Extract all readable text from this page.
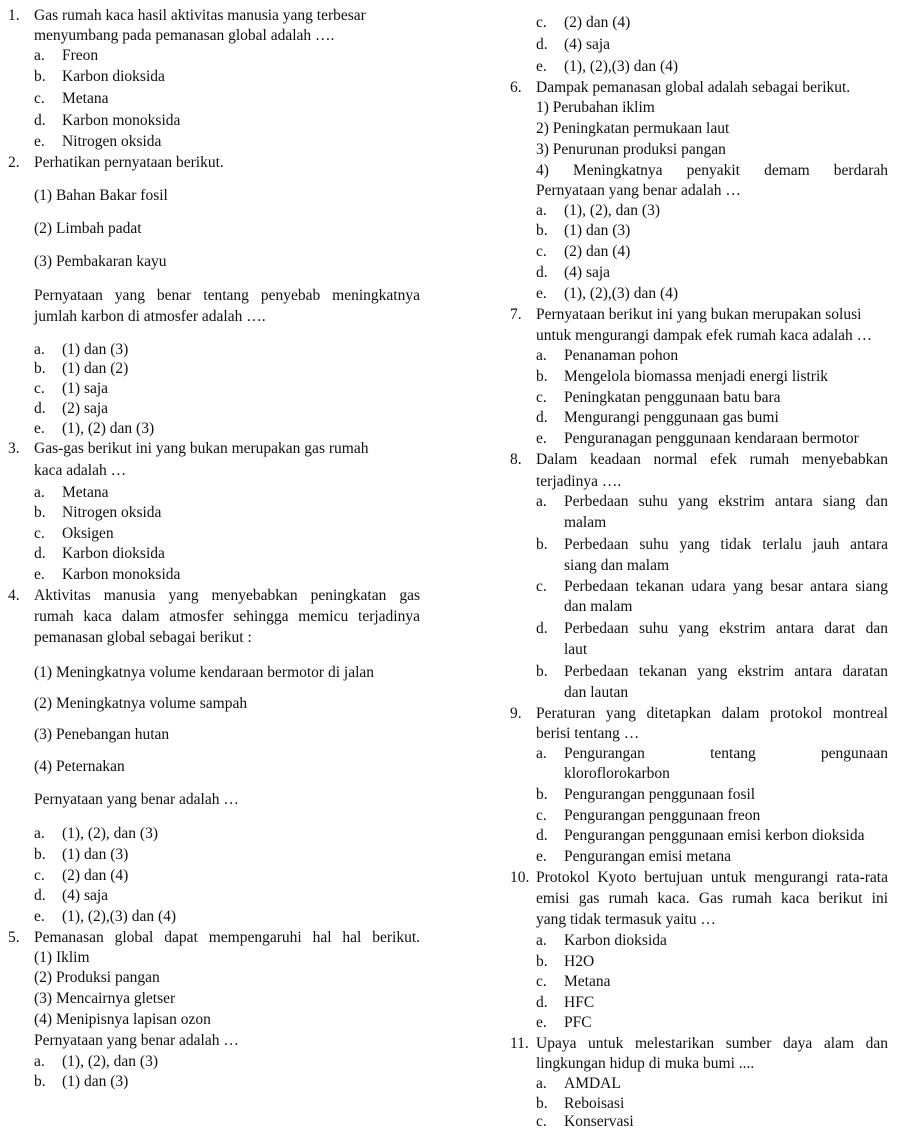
1. Gas rumah kaca hasil aktivitas manusia yang terbesar
menyumbang pada pemanasan global adalah ….
a. Freon
b. Karbon dioksida
c. Metana
d. Karbon monoksida
e. Nitrogen oksida
2. Perhatikan pernyataan berikut.
(1) Bahan Bakar fosil
(2) Limbah padat
(3) Pembakaran kayu
Pernyataan yang benar tentang penyebab meningkatnya
jumlah karbon di atmosfer adalah ….
a. (1) dan (3)
b. (1) dan (2)
c. (1) saja
d. (2) saja
e. (1), (2) dan (3)
3. Gas-gas berikut ini yang bukan merupakan gas rumah
kaca adalah …
a. Metana
b. Nitrogen oksida
c. Oksigen
d. Karbon dioksida
e. Karbon monoksida
4. Aktivitas manusia yang menyebabkan peningkatan gas
rumah kaca dalam atmosfer sehingga memicu terjadinya
pemanasan global sebagai berikut :
(1) Meningkatnya volume kendaraan bermotor di jalan
(2) Meningkatnya volume sampah
(3) Penebangan hutan
(4) Peternakan
Pernyataan yang benar adalah …
a. (1), (2), dan (3)
b. (1) dan (3)
c. (2) dan (4)
d. (4) saja
e. (1), (2),(3) dan (4)
5. Pemanasan global dapat mempengaruhi hal hal berikut.
(1) Iklim
(2) Produksi pangan
(3) Mencairnya gletser
(4) Menipisnya lapisan ozon
Pernyataan yang benar adalah …
a. (1), (2), dan (3)
b. (1) dan (3)
c. (2) dan (4)
d. (4) saja
e. (1), (2),(3) dan (4)
6. Dampak pemanasan global adalah sebagai berikut.
1) Perubahan iklim
2) Peningkatan permukaan laut
3) Penurunan produksi pangan
4) Meningkatnya penyakit demam berdarah
Pernyataan yang benar adalah …
a. (1), (2), dan (3)
b. (1) dan (3)
c. (2) dan (4)
d. (4) saja
e. (1), (2),(3) dan (4)
7. Pernyataan berikut ini yang bukan merupakan solusi
untuk mengurangi dampak efek rumah kaca adalah …
a. Penanaman pohon
b. Mengelola biomassa menjadi energi listrik
c. Peningkatan penggunaan batu bara
d. Mengurangi penggunaan gas bumi
e. Penguranagan penggunaan kendaraan bermotor
8. Dalam keadaan normal efek rumah menyebabkan
terjadinya ….
a. Perbedaan suhu yang ekstrim antara siang dan
malam
b. Perbedaan suhu yang tidak terlalu jauh antara
siang dan malam
c. Perbedaan tekanan udara yang besar antara siang
dan malam
d. Perbedaan suhu yang ekstrim antara darat dan
laut
b. Perbedaan tekanan yang ekstrim antara daratan
dan lautan
9. Peraturan yang ditetapkan dalam protokol montreal
berisi tentang …
a. Pengurangan tentang pengunaan
kloroflorokarbon
b. Pengurangan penggunaan fosil
c. Pengurangan penggunaan freon
d. Pengurangan penggunaan emisi kerbon dioksida
e. Pengurangan emisi metana
10. Protokol Kyoto bertujuan untuk mengurangi rata-rata
emisi gas rumah kaca. Gas rumah kaca berikut ini
yang tidak termasuk yaitu …
a. Karbon dioksida
b. H2O
c. Metana
d. HFC
e. PFC
11. Upaya untuk melestarikan sumber daya alam dan
lingkungan hidup di muka bumi ....
a. AMDAL
b. Reboisasi
c. Konservasi
